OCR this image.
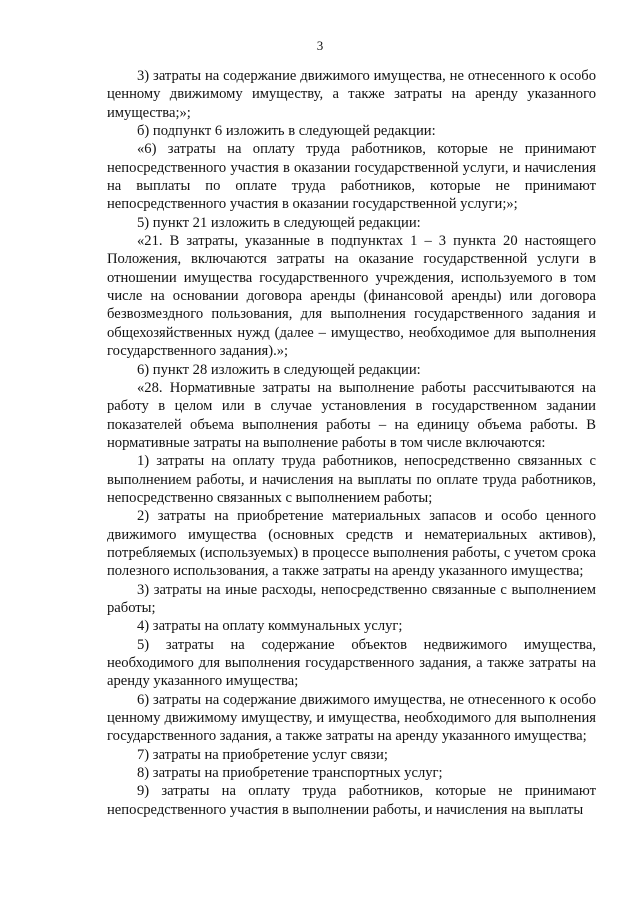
3

3) затраты на содержание движимого имущества, не отнесенного к особо ценному движимому имуществу, а также затраты на аренду указанного имущества;»;

б) подпункт 6 изложить в следующей редакции:

«6) затраты на оплату труда работников, которые не принимают непосредственного участия в оказании государственной услуги, и начисления на выплаты по оплате труда работников, которые не принимают непосредственного участия в оказании государственной услуги;»;

5) пункт 21 изложить в следующей редакции:

«21. В затраты, указанные в подпунктах 1 – 3 пункта 20 настоящего Положения, включаются затраты на оказание государственной услуги в отношении имущества государственного учреждения, используемого в том числе на основании договора аренды (финансовой аренды) или договора безвозмездного пользования, для выполнения государственного задания и общехозяйственных нужд (далее – имущество, необходимое для выполнения государственного задания).»;

6) пункт 28 изложить в следующей редакции:

«28. Нормативные затраты на выполнение работы рассчитываются на работу в целом или в случае установления в государственном задании показателей объема выполнения работы – на единицу объема работы. В нормативные затраты на выполнение работы в том числе включаются:

1) затраты на оплату труда работников, непосредственно связанных с выполнением работы, и начисления на выплаты по оплате труда работников, непосредственно связанных с выполнением работы;

2) затраты на приобретение материальных запасов и особо ценного движимого имущества (основных средств и нематериальных активов), потребляемых (используемых) в процессе выполнения работы, с учетом срока полезного использования, а также затраты на аренду указанного имущества;

3) затраты на иные расходы, непосредственно связанные с выполнением работы;

4) затраты на оплату коммунальных услуг;

5) затраты на содержание объектов недвижимого имущества, необходимого для выполнения государственного задания, а также затраты на аренду указанного имущества;

6) затраты на содержание движимого имущества, не отнесенного к особо ценному движимому имуществу, и имущества, необходимого для выполнения государственного задания, а также затраты на аренду указанного имущества;

7) затраты на приобретение услуг связи;

8) затраты на приобретение транспортных услуг;

9) затраты на оплату труда работников, которые не принимают непосредственного участия в выполнении работы, и начисления на выплаты
